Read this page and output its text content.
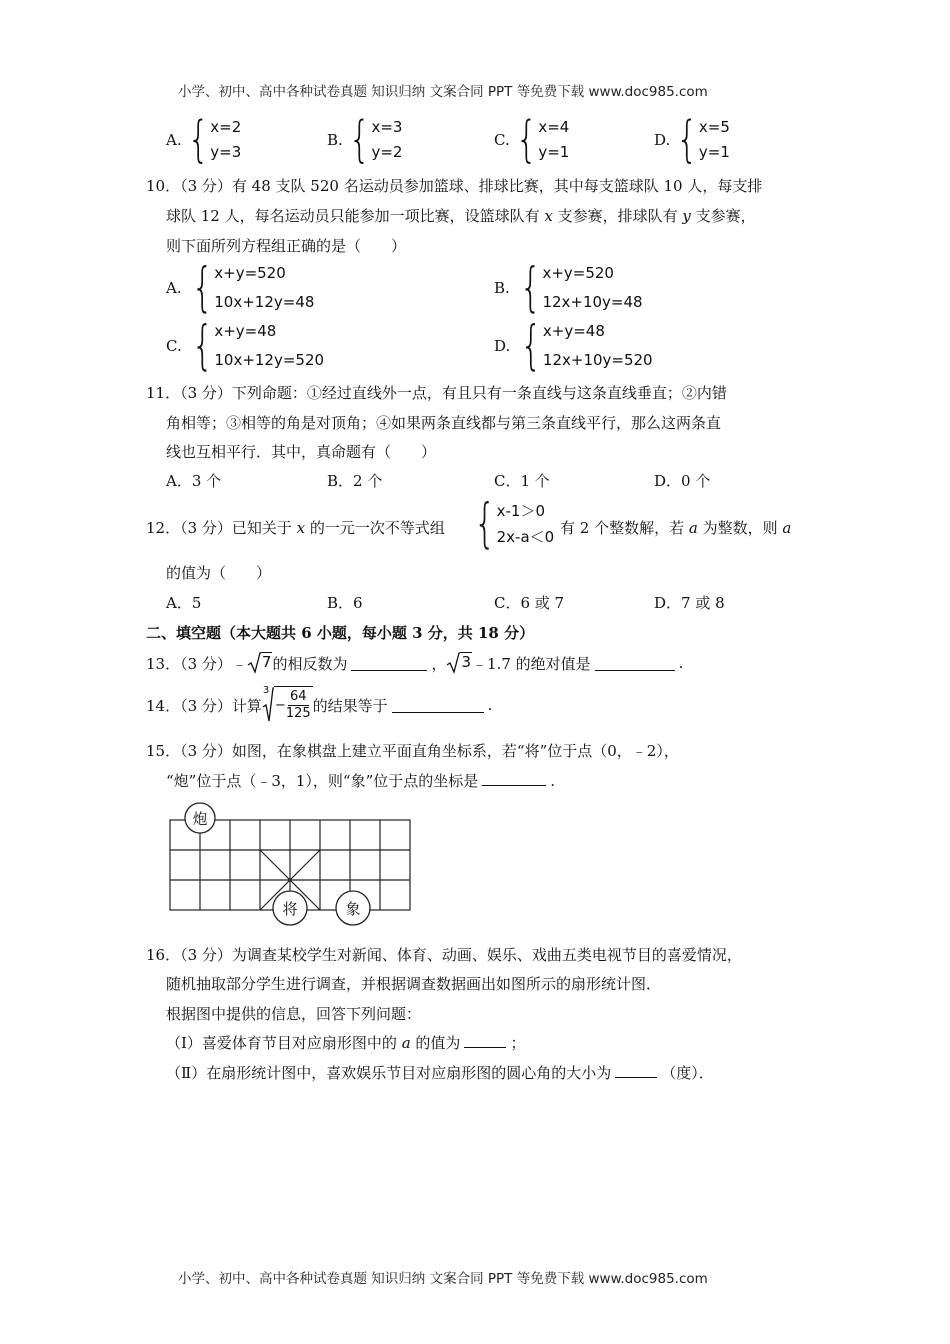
小学、初中、高中各种试卷真题 知识归纳 文案合同 PPT 等免费下载 www.doc985.com
A. { x=2
y=3
B. { x=3
y=2
C. { x=4
y=1
D. { x=5
y=1
10．（3 分）有 48 支队 520 名运动员参加篮球、排球比赛，其中每支篮球队 10 人，每支排
球队 12 人，每名运动员只能参加一项比赛，设篮球队有 x 支参赛，排球队有 y 支参赛，
则下面所列方程组正确的是（　　）
A. { x+y=520
10x+12y=48
B. { x+y=520
12x+10y=48
C. { x+y=48
10x+12y=520
D. { x+y=48
12x+10y=520
11．（3 分）下列命题：①经过直线外一点，有且只有一条直线与这条直线垂直；②内错
角相等；③相等的角是对顶角；④如果两条直线都与第三条直线平行，那么这两条直
线也互相平行．其中，真命题有（　　）
A．3 个	B．2 个	C．1 个	D．0 个
12．（3 分）已知关于 x 的一元一次不等式组 { x-1＞0
2x-a＜0 有 2 个整数解，若 a 为整数，则 a
的值为（　　）
A．5	B．6	C．6 或 7	D．7 或 8
二、填空题（本大题共 6 小题，每小题 3 分，共 18 分）
13．（3 分）﹣	7 的相反数为	，	3 ﹣1.7 的绝对值是	.
14．（3 分）计算
3
− $\frac{64}{125}$ 的结果等于	.
15．（3 分）如图，在象棋盘上建立平面直角坐标系，若“将”位于点（0，﹣2），
“炮”位于点（﹣3，1），则“象”位于点的坐标是	.
炮
将	象
16．（3 分）为调查某校学生对新闻、体育、动画、娱乐、戏曲五类电视节目的喜爱情况，
随机抽取部分学生进行调查，并根据调查数据画出如图所示的扇形统计图．
根据图中提供的信息，回答下列问题：
（Ⅰ）喜爱体育节目对应扇形图中的 a 的值为	；
（Ⅱ）在扇形统计图中，喜欢娱乐节目对应扇形图的圆心角的大小为	（度）．
小学、初中、高中各种试卷真题 知识归纳 文案合同 PPT 等免费下载 www.doc985.com
